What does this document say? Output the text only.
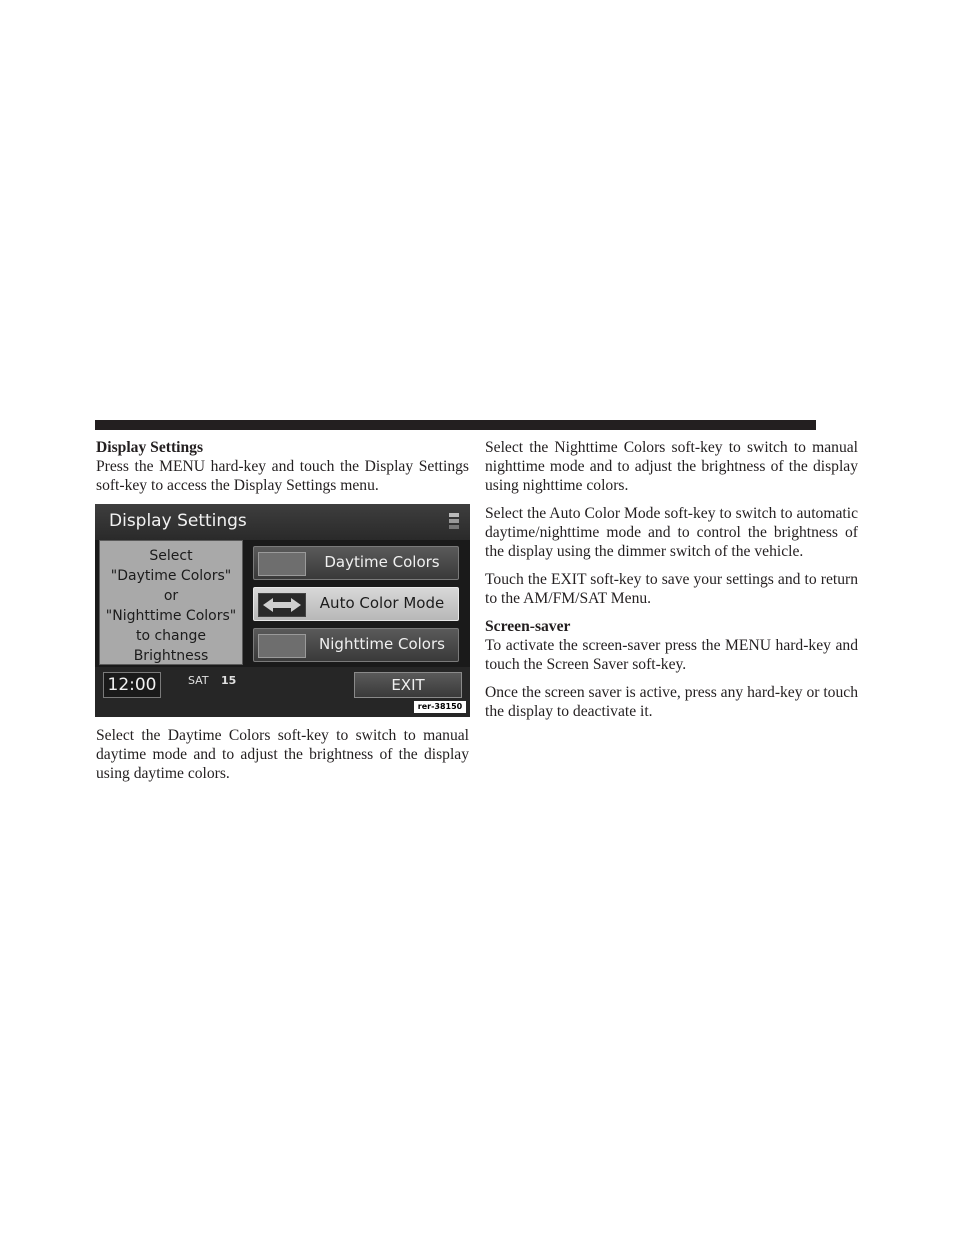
Display Settings

Press the MENU hard-key and touch the Display Settings soft-key to access the Display Settings menu.

Display Settings
Select
"Daytime Colors"
or
"Nighttime Colors"
to change
Brightness
Daytime Colors
Auto Color Mode
Nighttime Colors
12:00	SAT 15	EXIT
rer-38150

Select the Daytime Colors soft-key to switch to manual daytime mode and to adjust the brightness of the display using daytime colors.

Select the Nighttime Colors soft-key to switch to manual nighttime mode and to adjust the brightness of the display using nighttime colors.

Select the Auto Color Mode soft-key to switch to automatic daytime/nighttime mode and to control the brightness of the display using the dimmer switch of the vehicle.

Touch the EXIT soft-key to save your settings and to return to the AM/FM/SAT Menu.

Screen-saver

To activate the screen-saver press the MENU hard-key and touch the Screen Saver soft-key.

Once the screen saver is active, press any hard-key or touch the display to deactivate it.
